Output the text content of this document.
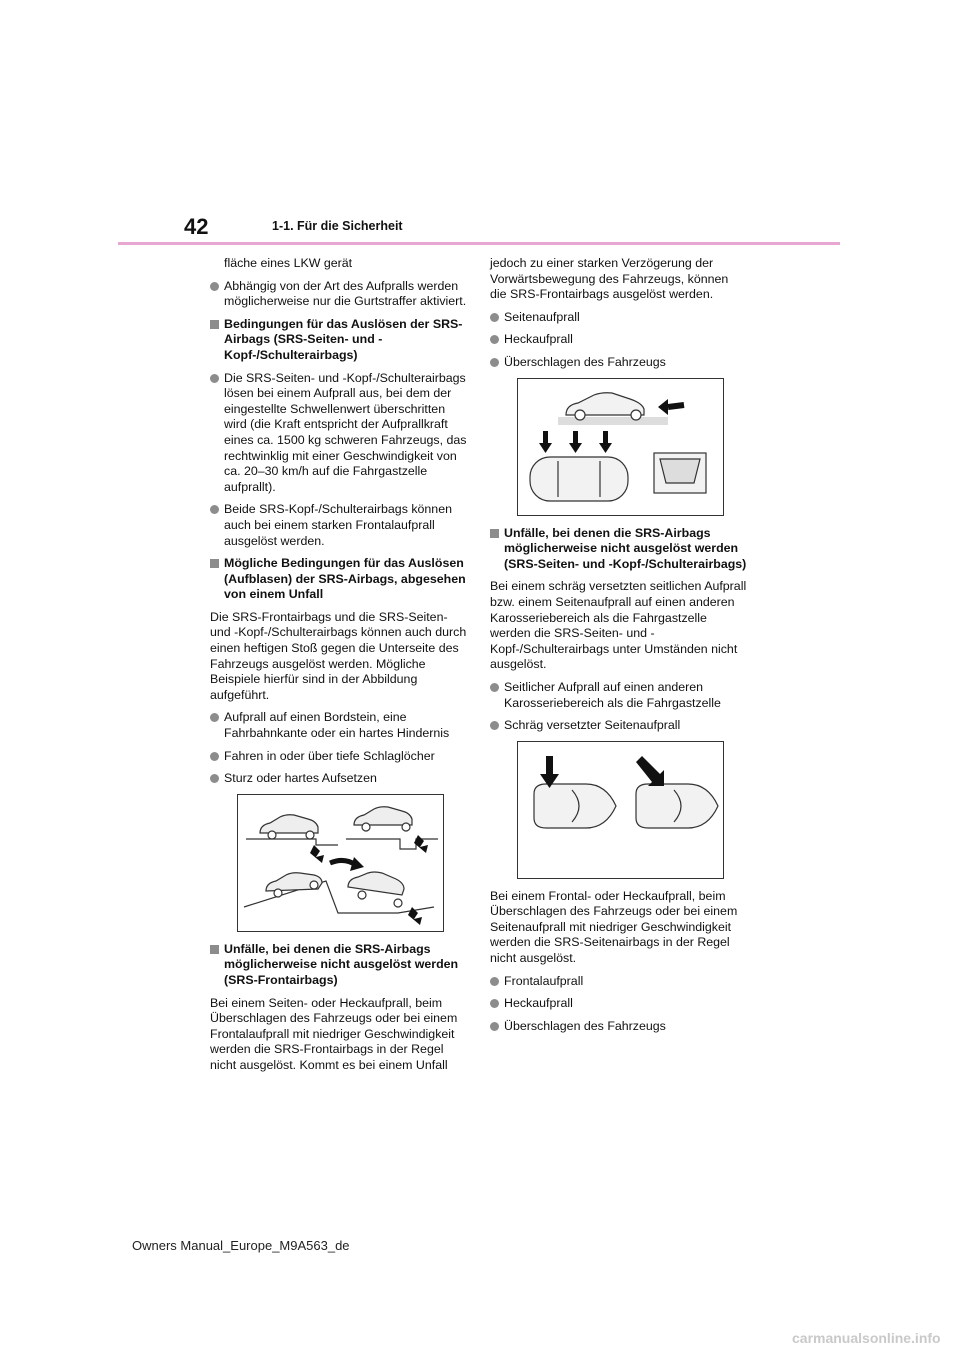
42	1-1. Für die Sicherheit
fläche eines LKW gerät
Abhängig von der Art des Aufpralls werden möglicherweise nur die Gurtstraffer aktiviert.
Bedingungen für das Auslösen der SRS-Airbags (SRS-Seiten- und -Kopf-/Schulterairbags)
Die SRS-Seiten- und -Kopf-/Schulterairbags lösen bei einem Aufprall aus, bei dem der eingestellte Schwellenwert überschritten wird (die Kraft entspricht der Aufprallkraft eines ca. 1500 kg schweren Fahrzeugs, das rechtwinklig mit einer Geschwindigkeit von ca. 20–30 km/h auf die Fahrgastzelle aufprallt).
Beide SRS-Kopf-/Schulterairbags können auch bei einem starken Frontalaufprall ausgelöst werden.
Mögliche Bedingungen für das Auslösen (Aufblasen) der SRS-Airbags, abgesehen von einem Unfall

Die SRS-Frontairbags und die SRS-Seiten- und -Kopf-/Schulterairbags können auch durch einen heftigen Stoß gegen die Unterseite des Fahrzeugs ausgelöst werden. Mögliche Beispiele hierfür sind in der Abbildung aufgeführt.

Aufprall auf einen Bordstein, eine Fahrbahnkante oder ein hartes Hindernis
Fahren in oder über tiefe Schlaglöcher
Sturz oder hartes Aufsetzen
Unfälle, bei denen die SRS-Airbags möglicherweise nicht ausgelöst werden (SRS-Frontairbags)

Bei einem Seiten- oder Heckaufprall, beim Überschlagen des Fahrzeugs oder bei einem Frontalaufprall mit niedriger Geschwindigkeit werden die SRS-Frontairbags in der Regel nicht ausgelöst. Kommt es bei einem Unfall

jedoch zu einer starken Verzögerung der Vorwärtsbewegung des Fahrzeugs, können die SRS-Frontairbags ausgelöst werden.

Seitenaufprall
Heckaufprall
Überschlagen des Fahrzeugs
Unfälle, bei denen die SRS-Airbags möglicherweise nicht ausgelöst werden (SRS-Seiten- und -Kopf-/Schulterairbags)

Bei einem schräg versetzten seitlichen Aufprall bzw. einem Seitenaufprall auf einen anderen Karosseriebereich als die Fahrgastzelle werden die SRS-Seiten- und -Kopf-/Schulterairbags unter Umständen nicht ausgelöst.

Seitlicher Aufprall auf einen anderen Karosseriebereich als die Fahrgastzelle
Schräg versetzter Seitenaufprall

Bei einem Frontal- oder Heckaufprall, beim Überschlagen des Fahrzeugs oder bei einem Seitenaufprall mit niedriger Geschwindigkeit werden die SRS-Seitenairbags in der Regel nicht ausgelöst.

Frontalaufprall
Heckaufprall
Überschlagen des Fahrzeugs
Owners Manual_Europe_M9A563_de
carmanualsonline.info
